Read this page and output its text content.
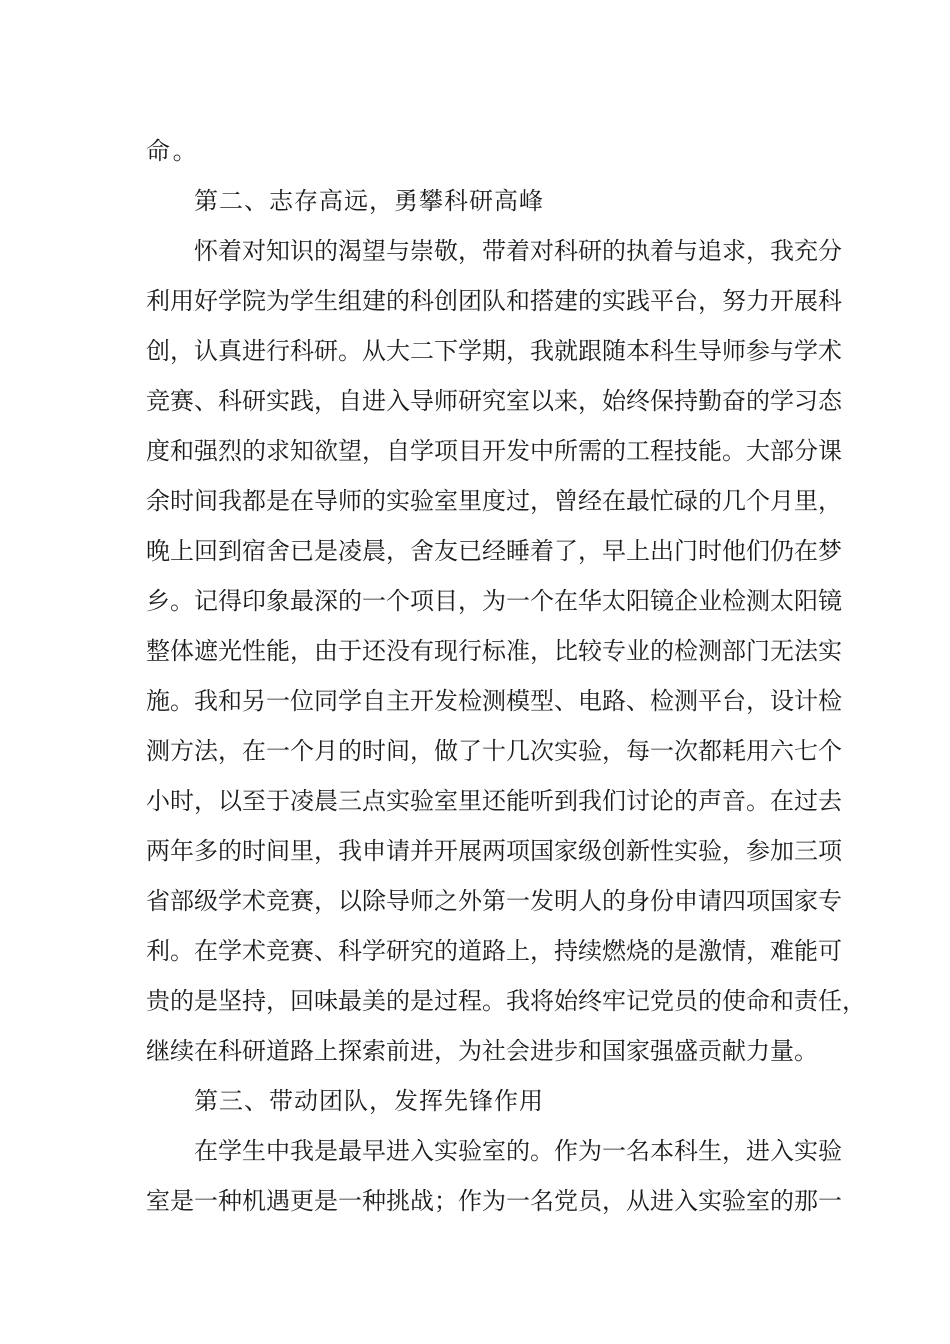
命。
第二、志存高远，勇攀科研高峰
怀着对知识的渴望与崇敬，带着对科研的执着与追求，我充分
利用好学院为学生组建的科创团队和搭建的实践平台，努力开展科
创，认真进行科研。从大二下学期，我就跟随本科生导师参与学术
竞赛、科研实践，自进入导师研究室以来，始终保持勤奋的学习态
度和强烈的求知欲望，自学项目开发中所需的工程技能。大部分课
余时间我都是在导师的实验室里度过，曾经在最忙碌的几个月里，
晚上回到宿舍已是凌晨，舍友已经睡着了，早上出门时他们仍在梦
乡。记得印象最深的一个项目，为一个在华太阳镜企业检测太阳镜
整体遮光性能，由于还没有现行标准，比较专业的检测部门无法实
施。我和另一位同学自主开发检测模型、电路、检测平台，设计检
测方法，在一个月的时间，做了十几次实验，每一次都耗用六七个
小时，以至于凌晨三点实验室里还能听到我们讨论的声音。在过去
两年多的时间里，我申请并开展两项国家级创新性实验，参加三项
省部级学术竞赛，以除导师之外第一发明人的身份申请四项国家专
利。在学术竞赛、科学研究的道路上，持续燃烧的是激情，难能可
贵的是坚持，回味最美的是过程。我将始终牢记党员的使命和责任，
继续在科研道路上探索前进，为社会进步和国家强盛贡献力量。
第三、带动团队，发挥先锋作用
在学生中我是最早进入实验室的。作为一名本科生，进入实验
室是一种机遇更是一种挑战；作为一名党员，从进入实验室的那一
